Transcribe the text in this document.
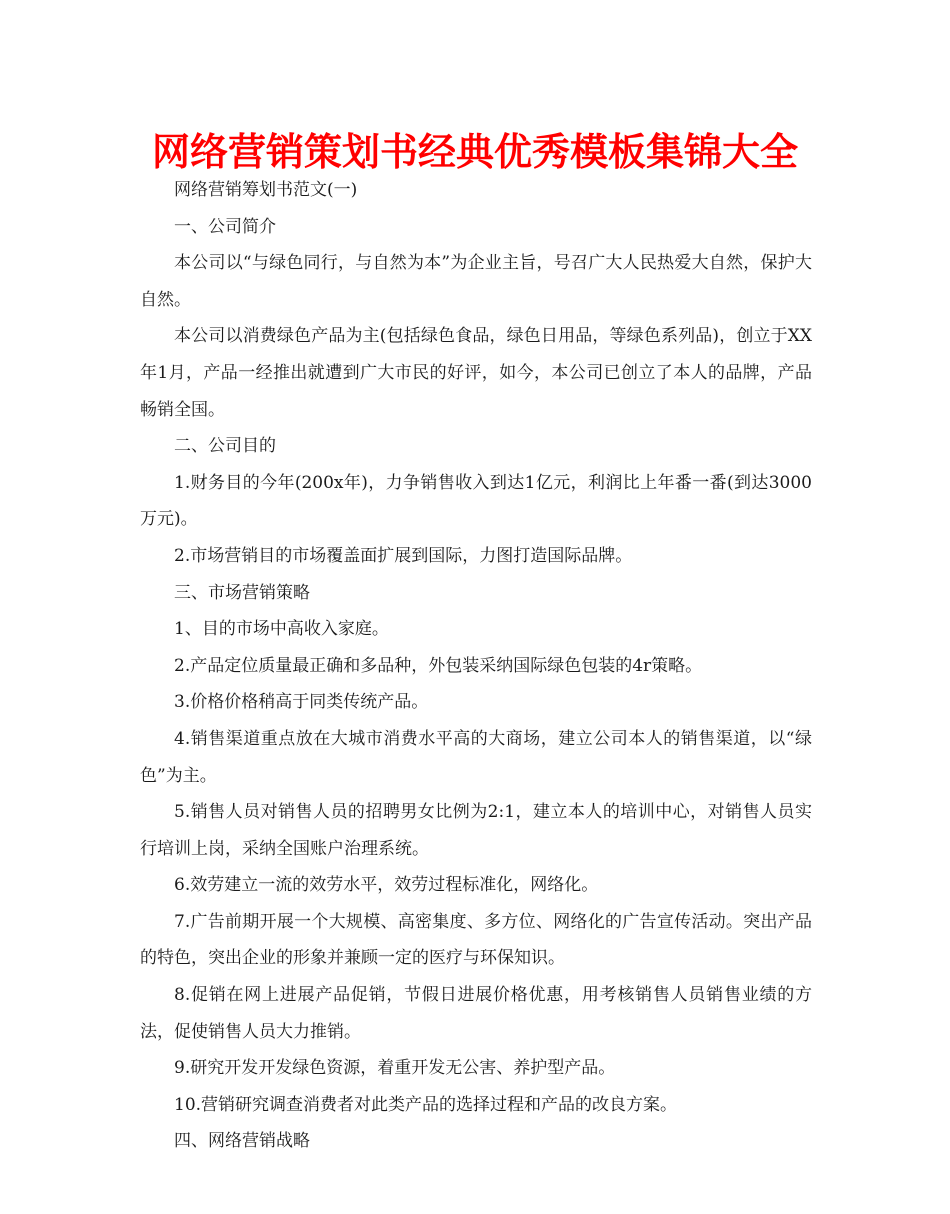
网络营销策划书经典优秀模板集锦大全

网络营销筹划书范文(一)

一、公司简介

本公司以“与绿色同行，与自然为本”为企业主旨，号召广大人民热爱大自然，保护大自然。

本公司以消费绿色产品为主(包括绿色食品，绿色日用品，等绿色系列品)，创立于XX年1月，产品一经推出就遭到广大市民的好评，如今，本公司已创立了本人的品牌，产品畅销全国。

二、公司目的

1.财务目的今年(200x年)，力争销售收入到达1亿元，利润比上年番一番(到达3000万元)。

2.市场营销目的市场覆盖面扩展到国际，力图打造国际品牌。

三、市场营销策略

1、目的市场中高收入家庭。

2.产品定位质量最正确和多品种，外包装采纳国际绿色包装的4r策略。

3.价格价格稍高于同类传统产品。

4.销售渠道重点放在大城市消费水平高的大商场，建立公司本人的销售渠道，以“绿色”为主。

5.销售人员对销售人员的招聘男女比例为2:1，建立本人的培训中心，对销售人员实行培训上岗，采纳全国账户治理系统。

6.效劳建立一流的效劳水平，效劳过程标准化，网络化。

7.广告前期开展一个大规模、高密集度、多方位、网络化的广告宣传活动。突出产品的特色，突出企业的形象并兼顾一定的医疗与环保知识。

8.促销在网上进展产品促销，节假日进展价格优惠，用考核销售人员销售业绩的方法，促使销售人员大力推销。

9.研究开发开发绿色资源，着重开发无公害、养护型产品。

10.营销研究调查消费者对此类产品的选择过程和产品的改良方案。

四、网络营销战略
